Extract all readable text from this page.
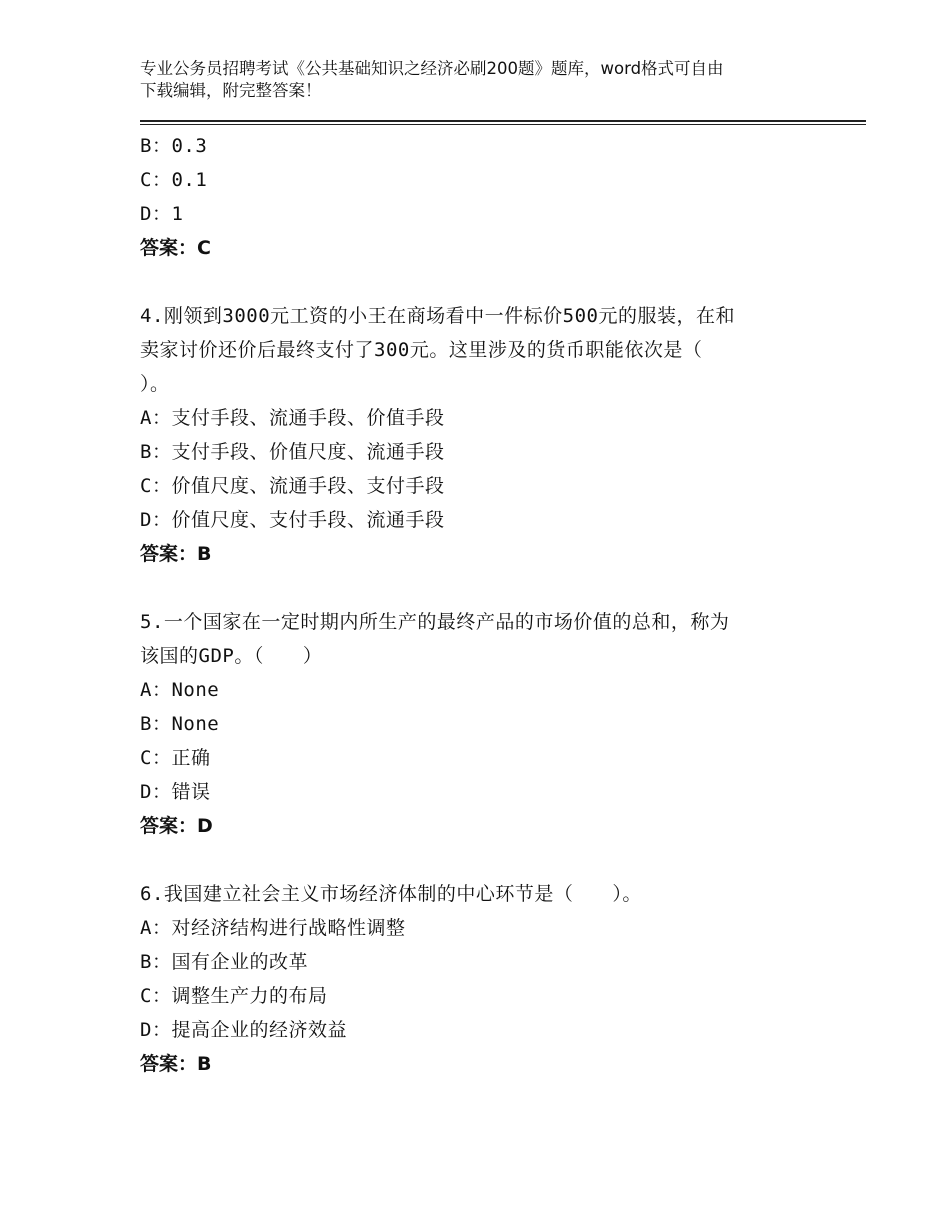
专业公务员招聘考试《公共基础知识之经济必刷200题》题库，word格式可自由
下载编辑，附完整答案！
B：0.3
C：0.1
D：1
答案：C
4.刚领到3000元工资的小王在商场看中一件标价500元的服装，在和
卖家讨价还价后最终支付了300元。这里涉及的货币职能依次是（
）。
A：支付手段、流通手段、价值手段
B：支付手段、价值尺度、流通手段
C：价值尺度、流通手段、支付手段
D：价值尺度、支付手段、流通手段
答案：B
5.一个国家在一定时期内所生产的最终产品的市场价值的总和，称为
该国的GDP。（　　）
A：None
B：None
C：正确
D：错误
答案：D
6.我国建立社会主义市场经济体制的中心环节是（　　）。
A：对经济结构进行战略性调整
B：国有企业的改革
C：调整生产力的布局
D：提高企业的经济效益
答案：B
